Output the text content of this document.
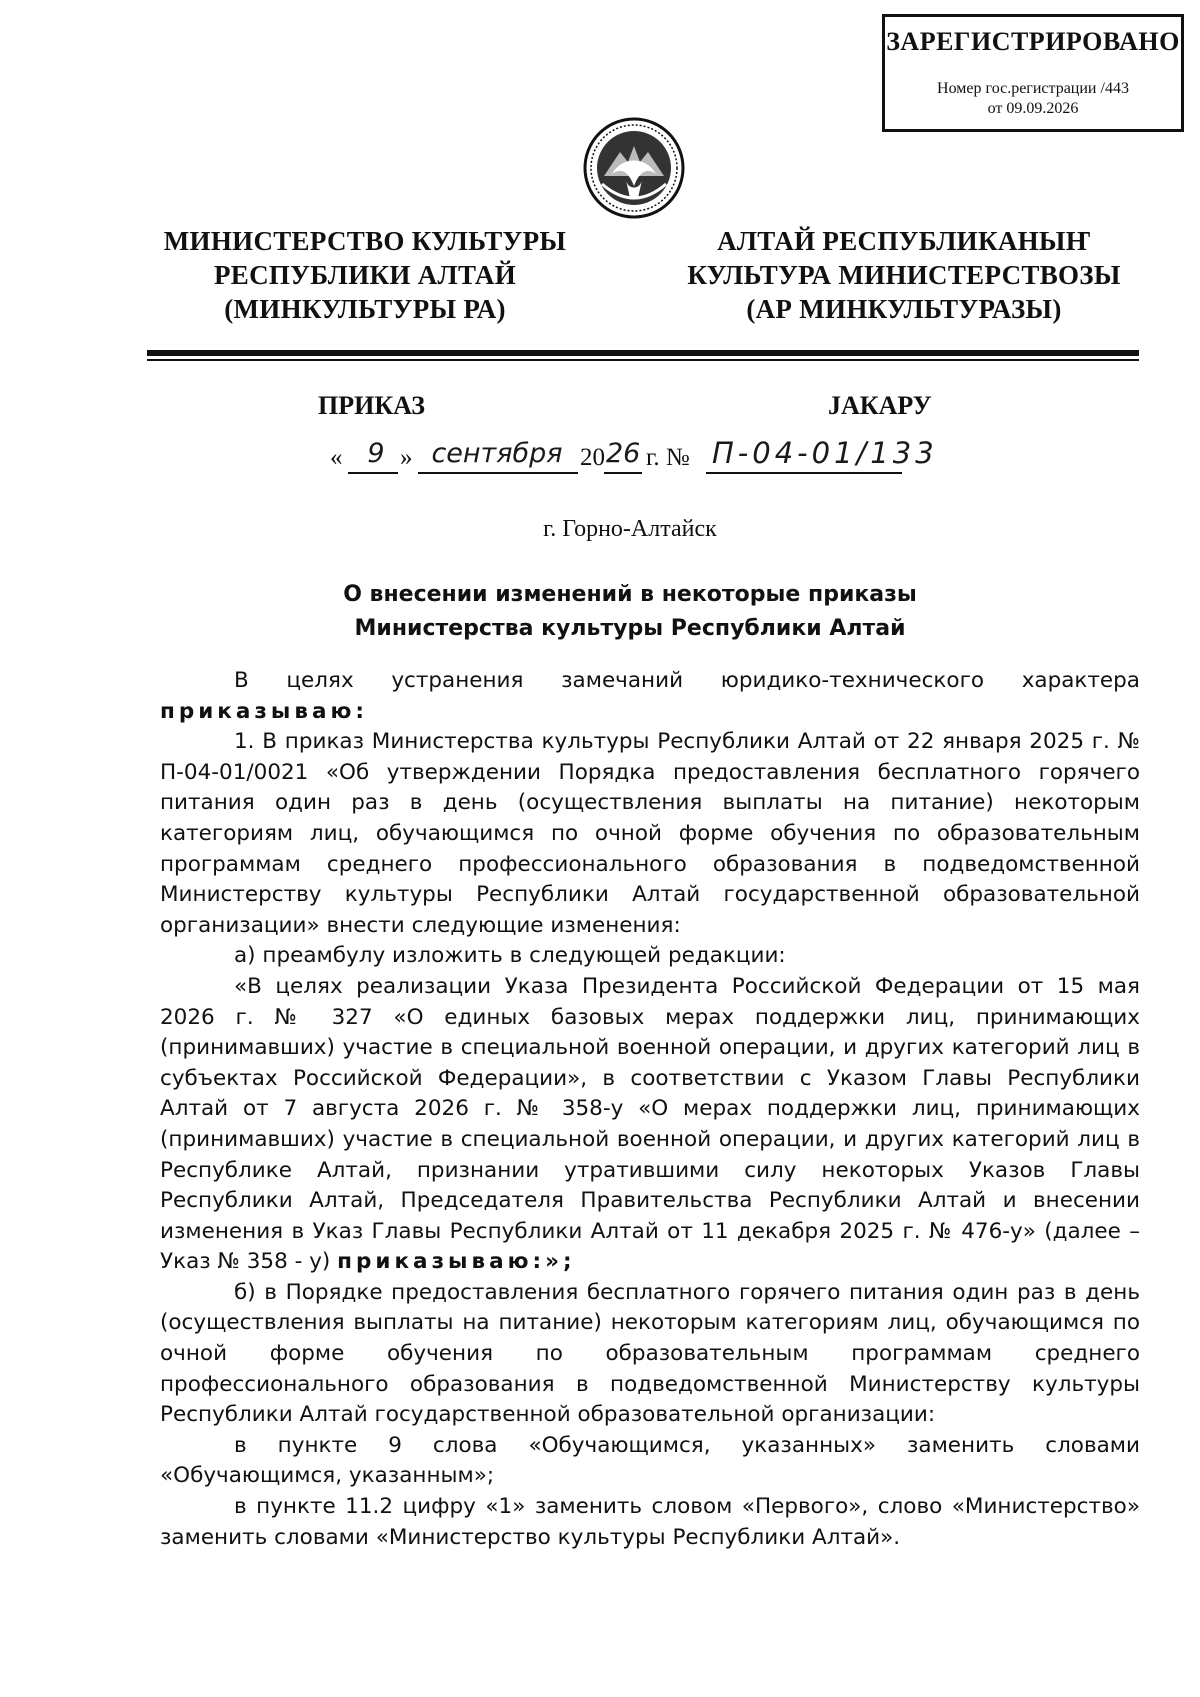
ЗАРЕГИСТРИРОВАНО
Номер гос.регистрации /443
от 09.09.2026
МИНИСТЕРСТВО КУЛЬТУРЫ
РЕСПУБЛИКИ АЛТАЙ
(МИНКУЛЬТУРЫ РА)
АЛТАЙ РЕСПУБЛИКАНЫҤ
КУЛЬТУРА МИНИСТЕРСТВОЗЫ
(АР МИНКУЛЬТУРАЗЫ)
ПРИКАЗ	JАКАРУ
« 9 » сентября 20 26 г. № П-04-01/133
г. Горно-Алтайск
О внесении изменений в некоторые приказы
Министерства культуры Республики Алтай

В целях устранения замечаний юридико-технического характера

приказываю:

1. В приказ Министерства культуры Республики Алтай от 22 января 2025 г. № П-04-01/0021 «Об утверждении Порядка предоставления бесплатного горячего питания один раз в день (осуществления выплаты на питание) некоторым категориям лиц, обучающимся по очной форме обучения по образовательным программам среднего профессионального образования в подведомственной Министерству культуры Республики Алтай государственной образовательной организации» внести следующие изменения:

а) преамбулу изложить в следующей редакции:

«В целях реализации Указа Президента Российской Федерации от 15 мая 2026 г. № 327 «О единых базовых мерах поддержки лиц, принимающих (принимавших) участие в специальной военной операции, и других категорий лиц в субъектах Российской Федерации», в соответствии с Указом Главы Республики Алтай от 7 августа 2026 г. № 358-у «О мерах поддержки лиц, принимающих (принимавших) участие в специальной военной операции, и других категорий лиц в Республике Алтай, признании утратившими силу некоторых Указов Главы Республики Алтай, Председателя Правительства Республики Алтай и внесении изменения в Указ Главы Республики Алтай от 11 декабря 2025 г. № 476-у» (далее – Указ № 358 - у) приказываю:»;

б) в Порядке предоставления бесплатного горячего питания один раз в день (осуществления выплаты на питание) некоторым категориям лиц, обучающимся по очной форме обучения по образовательным программам среднего профессионального образования в подведомственной Министерству культуры Республики Алтай государственной образовательной организации:

в пункте 9 слова «Обучающимся, указанных» заменить словами «Обучающимся, указанным»;

в пункте 11.2 цифру «1» заменить словом «Первого», слово «Министерство» заменить словами «Министерство культуры Республики Алтай».
